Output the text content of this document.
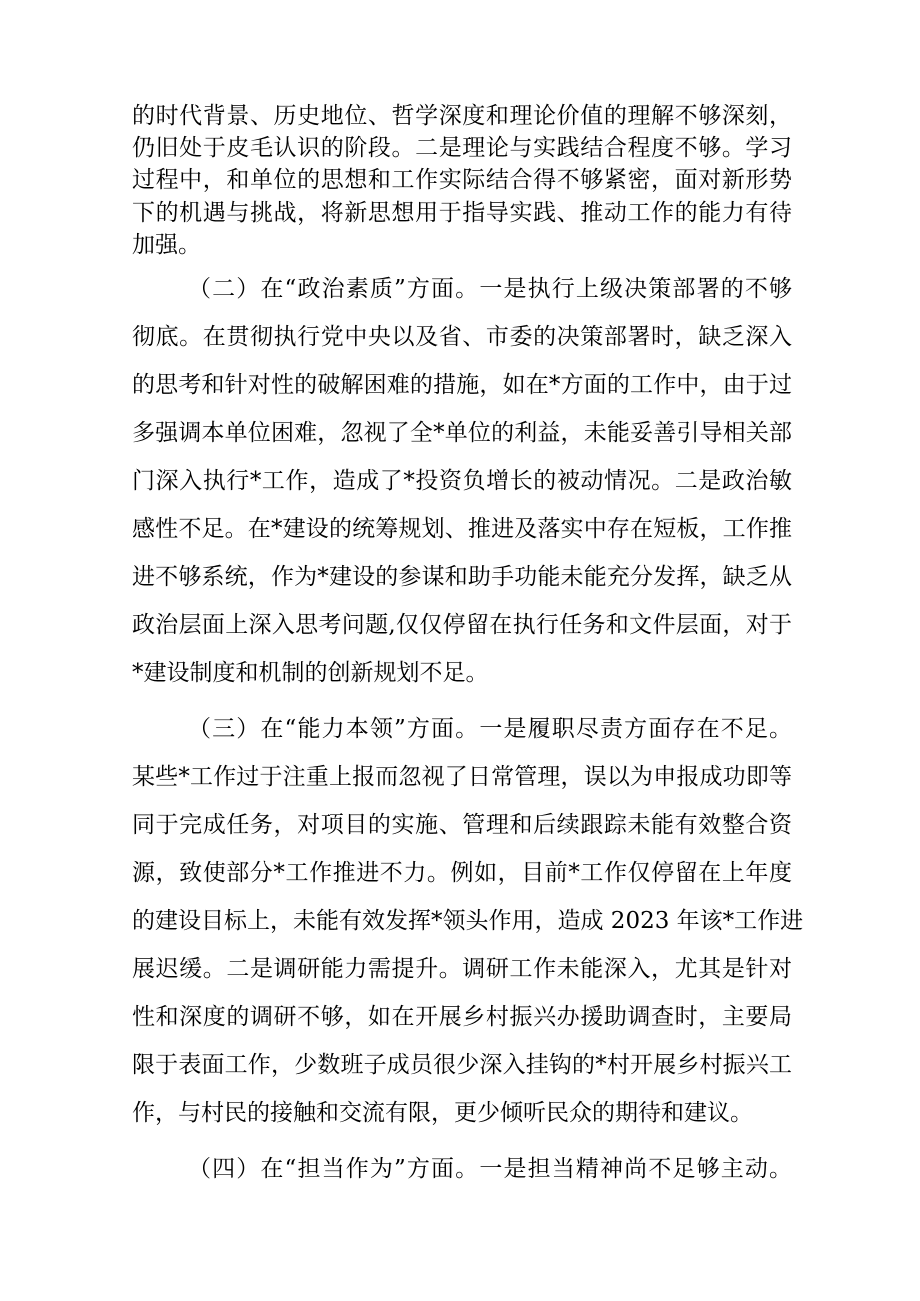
的时代背景、历史地位、哲学深度和理论价值的理解不够深刻，
仍旧处于皮毛认识的阶段。二是理论与实践结合程度不够。学习
过程中，和单位的思想和工作实际结合得不够紧密，面对新形势
下的机遇与挑战，将新思想用于指导实践、推动工作的能力有待
加强。
（二）在“政治素质”方面。一是执行上级决策部署的不够
彻底。在贯彻执行党中央以及省、市委的决策部署时，缺乏深入
的思考和针对性的破解困难的措施，如在*方面的工作中，由于过
多强调本单位困难，忽视了全*单位的利益，未能妥善引导相关部
门深入执行*工作，造成了*投资负增长的被动情况。二是政治敏
感性不足。在*建设的统筹规划、推进及落实中存在短板，工作推
进不够系统，作为*建设的参谋和助手功能未能充分发挥，缺乏从
政治层面上深入思考问题,仅仅停留在执行任务和文件层面，对于
*建设制度和机制的创新规划不足。
（三）在“能力本领”方面。一是履职尽责方面存在不足。
某些*工作过于注重上报而忽视了日常管理，误以为申报成功即等
同于完成任务，对项目的实施、管理和后续跟踪未能有效整合资
源，致使部分*工作推进不力。例如，目前*工作仅停留在上年度
的建设目标上，未能有效发挥*领头作用，造成 2023 年该*工作进
展迟缓。二是调研能力需提升。调研工作未能深入，尤其是针对
性和深度的调研不够，如在开展乡村振兴办援助调查时，主要局
限于表面工作，少数班子成员很少深入挂钩的*村开展乡村振兴工
作，与村民的接触和交流有限，更少倾听民众的期待和建议。
（四）在“担当作为”方面。一是担当精神尚不足够主动。
